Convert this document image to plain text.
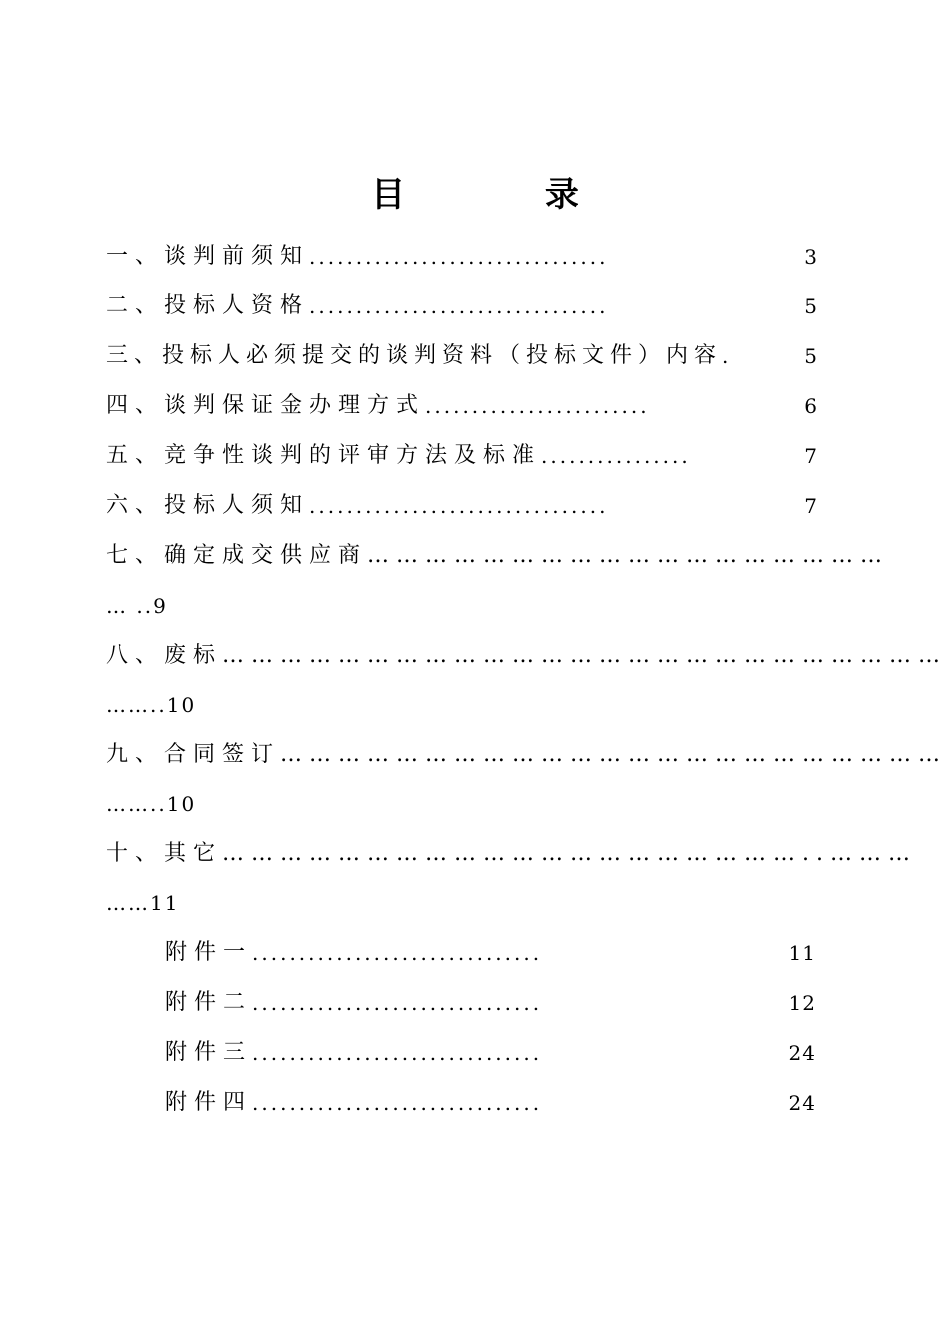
目 录
一、谈判前须知 ................................	3
二、投标人资格 ................................	5
三、投标人必须提交的谈判资料（投标文件）内容 .	5
四、谈判保证金办理方式 ........................	6
五、竞争性谈判的评审方法及标准 ................	7
六、投标人须知 ................................	7
七、确定成交供应商………………………………………………
… ..9
八、废标…………………………………………………………………
……..10
九、合同签订……………………………………………………………
……..10
十、其它……………………………………………………..………
……11
附件一 ...............................	11
附件二 ...............................	12
附件三 ...............................	24
附件四 ...............................	24
